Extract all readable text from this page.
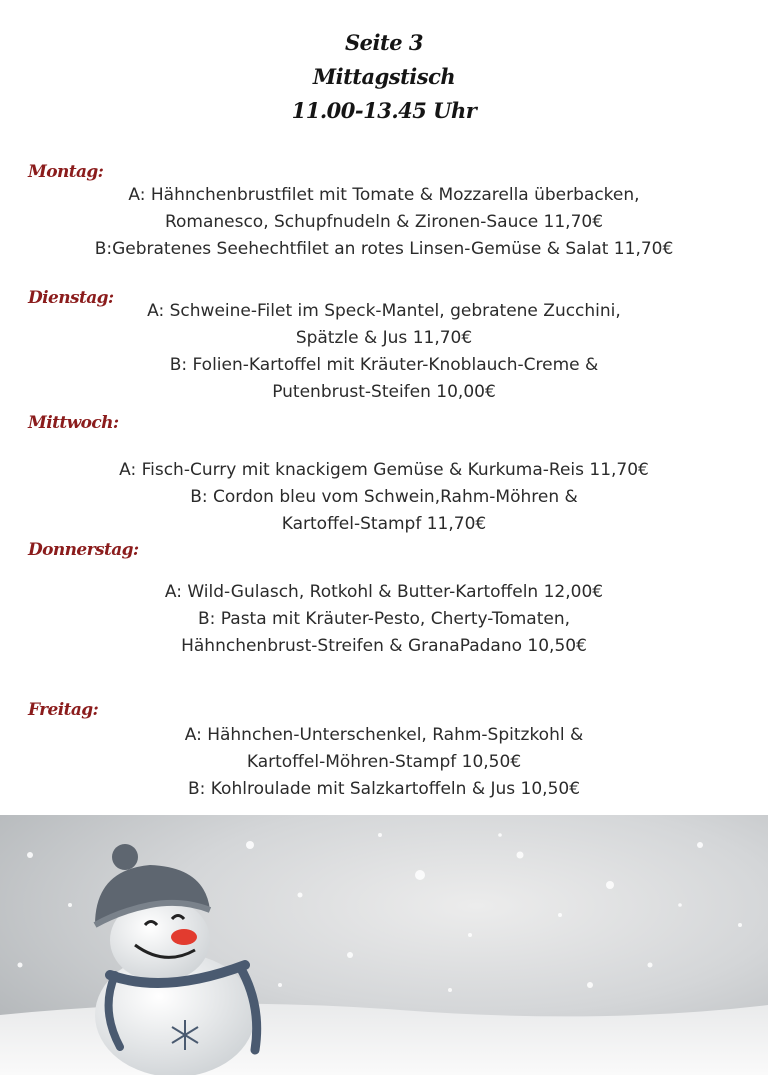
Seite 3
Mittagstisch
11.00-13.45 Uhr
Montag:
A: Hähnchenbrustfilet mit Tomate & Mozzarella überbacken,
Romanesco, Schupfnudeln & Zironen-Sauce 11,70€
B:Gebratenes Seehechtfilet an rotes Linsen-Gemüse & Salat 11,70€
Dienstag:
A: Schweine-Filet im Speck-Mantel, gebratene Zucchini,
Spätzle & Jus 11,70€
B: Folien-Kartoffel mit Kräuter-Knoblauch-Creme &
Putenbrust-Steifen 10,00€
Mittwoch:
A: Fisch-Curry mit knackigem Gemüse & Kurkuma-Reis 11,70€
B: Cordon bleu vom Schwein,Rahm-Möhren &
Kartoffel-Stampf 11,70€
Donnerstag:
A: Wild-Gulasch, Rotkohl & Butter-Kartoffeln 12,00€
B: Pasta mit Kräuter-Pesto, Cherty-Tomaten,
Hähnchenbrust-Streifen & GranaPadano 10,50€
Freitag:
A: Hähnchen-Unterschenkel, Rahm-Spitzkohl &
Kartoffel-Möhren-Stampf 10,50€
B: Kohlroulade mit Salzkartoffeln & Jus 10,50€
